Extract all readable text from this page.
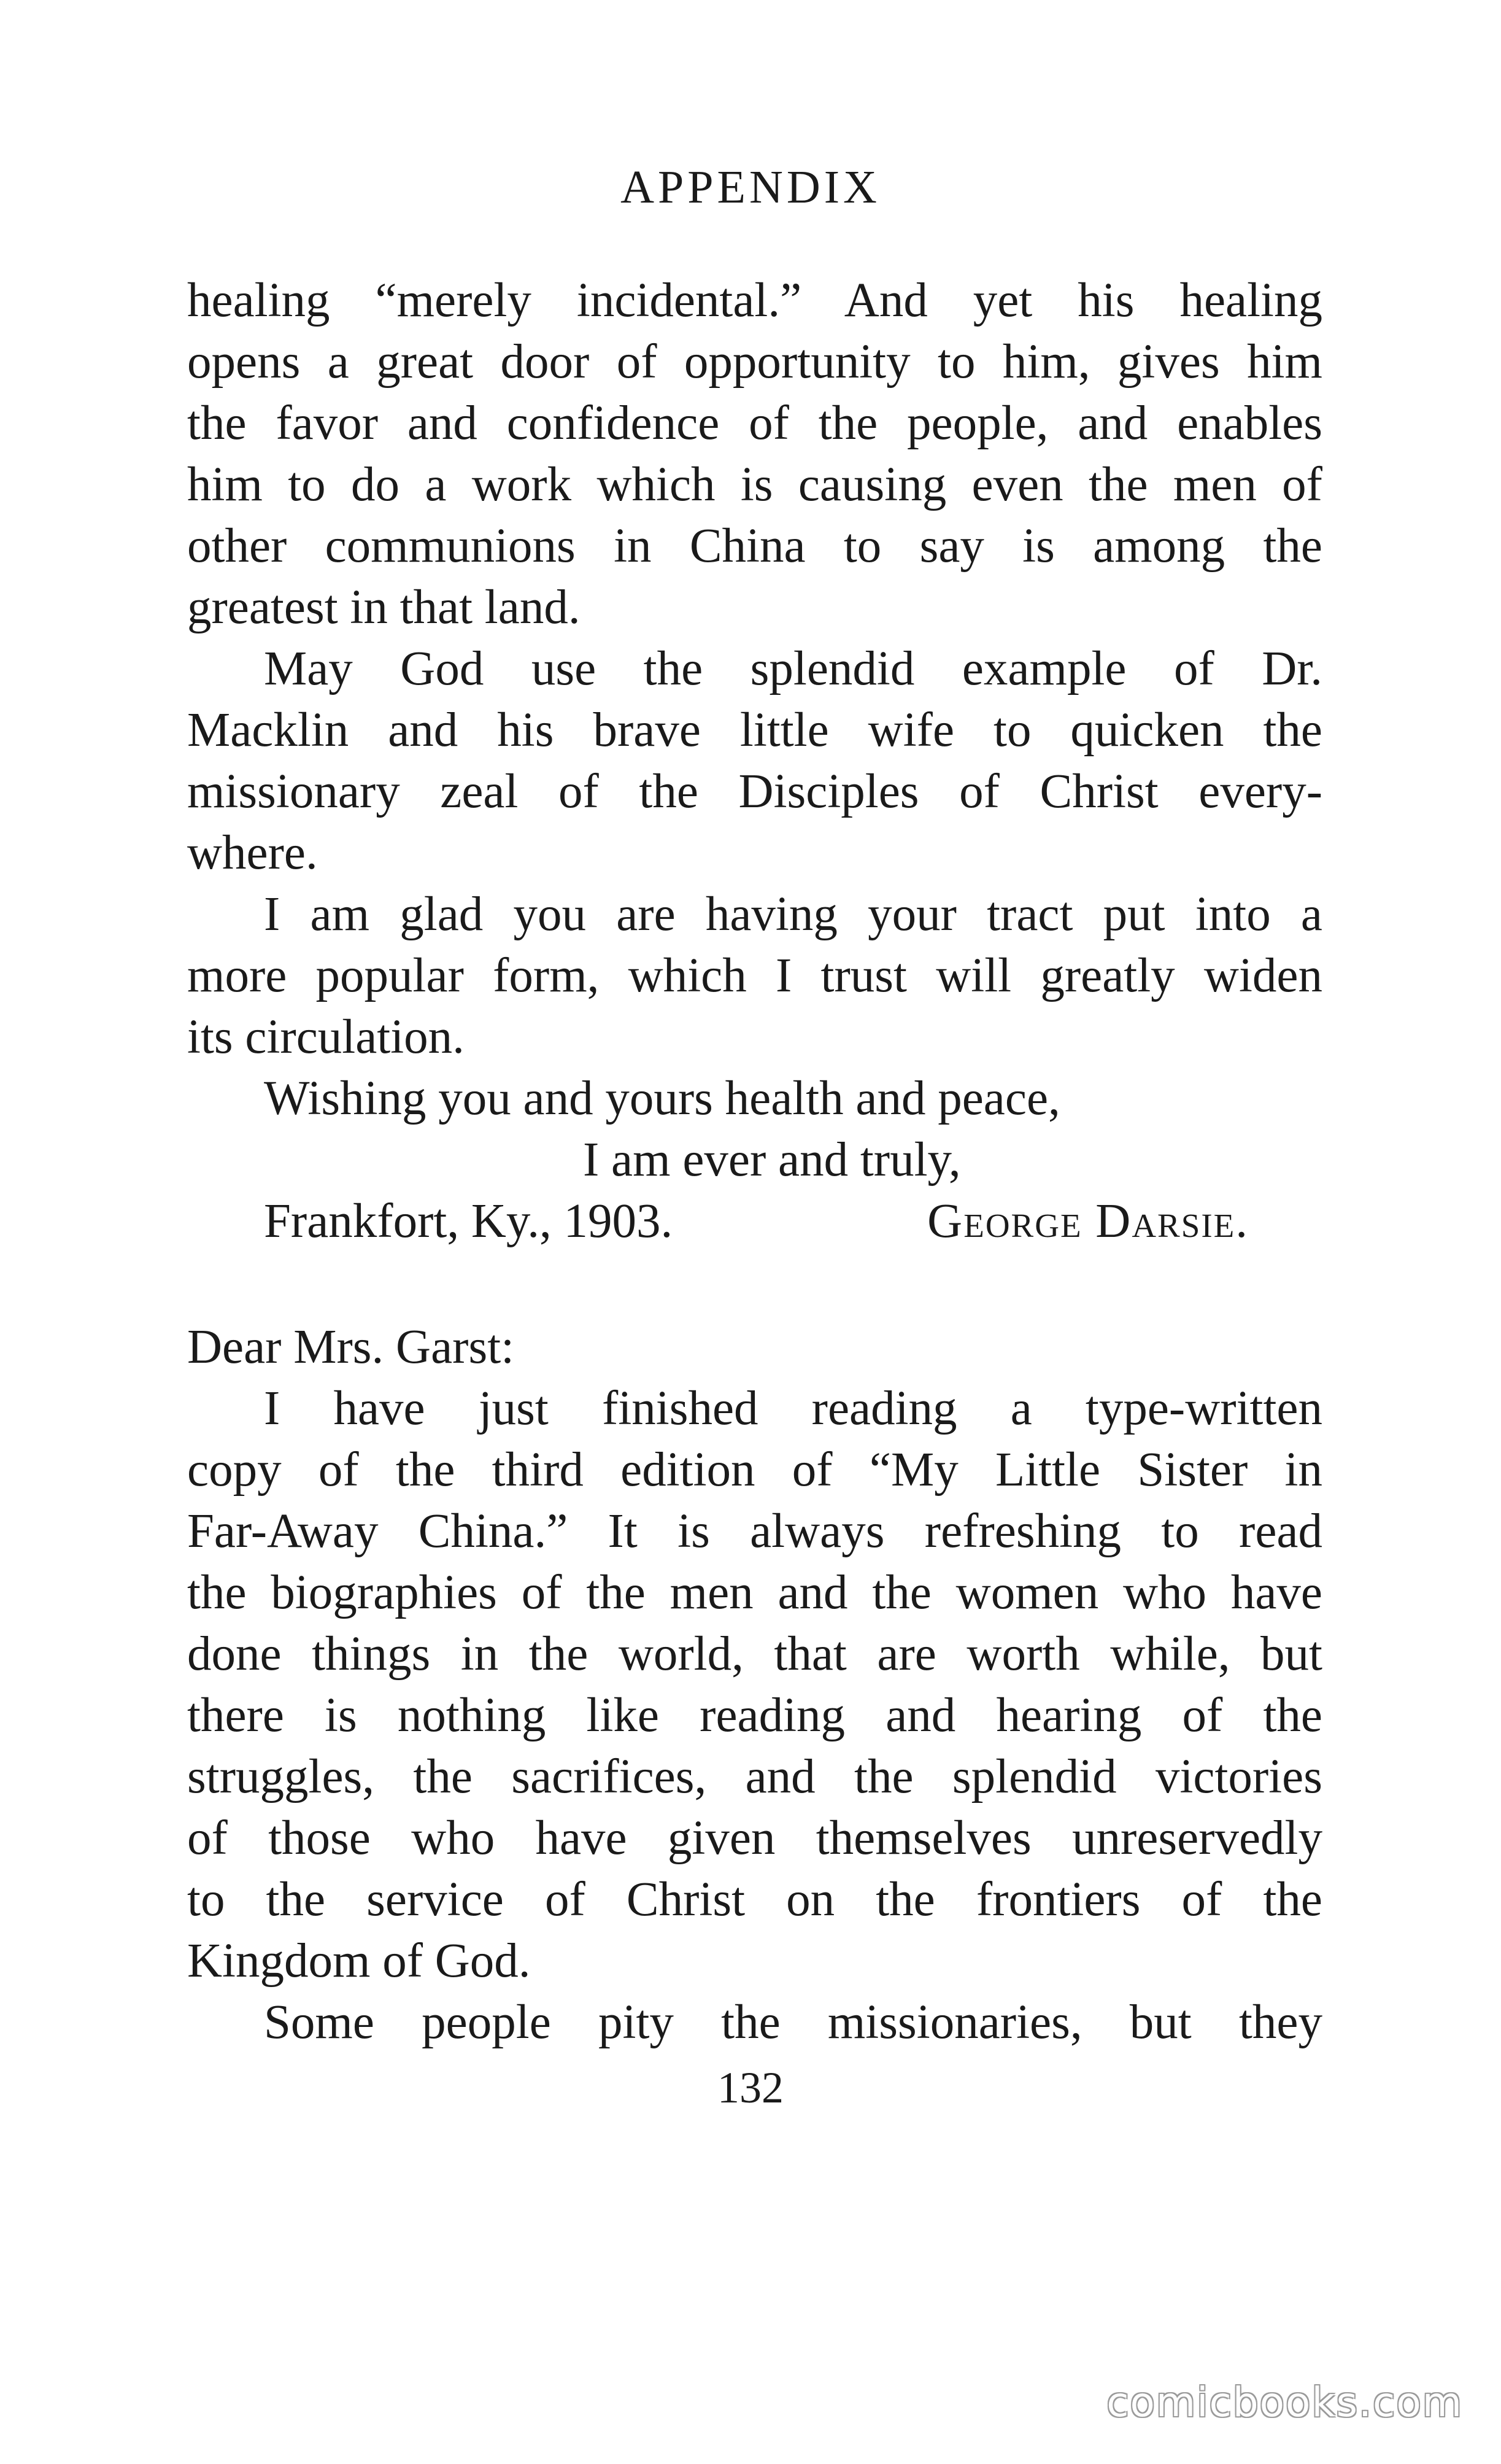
APPENDIX
healing “merely incidental.” And yet his healing
opens a great door of opportunity to him, gives him
the favor and confidence of the people, and enables
him to do a work which is causing even the men of
other communions in China to say is among the
greatest in that land.
May God use the splendid example of Dr.
Macklin and his brave little wife to quicken the
missionary zeal of the Disciples of Christ every-
where.
I am glad you are having your tract put into a
more popular form, which I trust will greatly widen
its circulation.
Wishing you and yours health and peace,
I am ever and truly,
Frankfort, Ky., 1903.	George Darsie.
Dear Mrs. Garst:
I have just finished reading a type-written
copy of the third edition of “My Little Sister in
Far-Away China.” It is always refreshing to read
the biographies of the men and the women who have
done things in the world, that are worth while, but
there is nothing like reading and hearing of the
struggles, the sacrifices, and the splendid victories
of those who have given themselves unreservedly
to the service of Christ on the frontiers of the
Kingdom of God.
Some people pity the missionaries, but they
132
comicbooks.com
